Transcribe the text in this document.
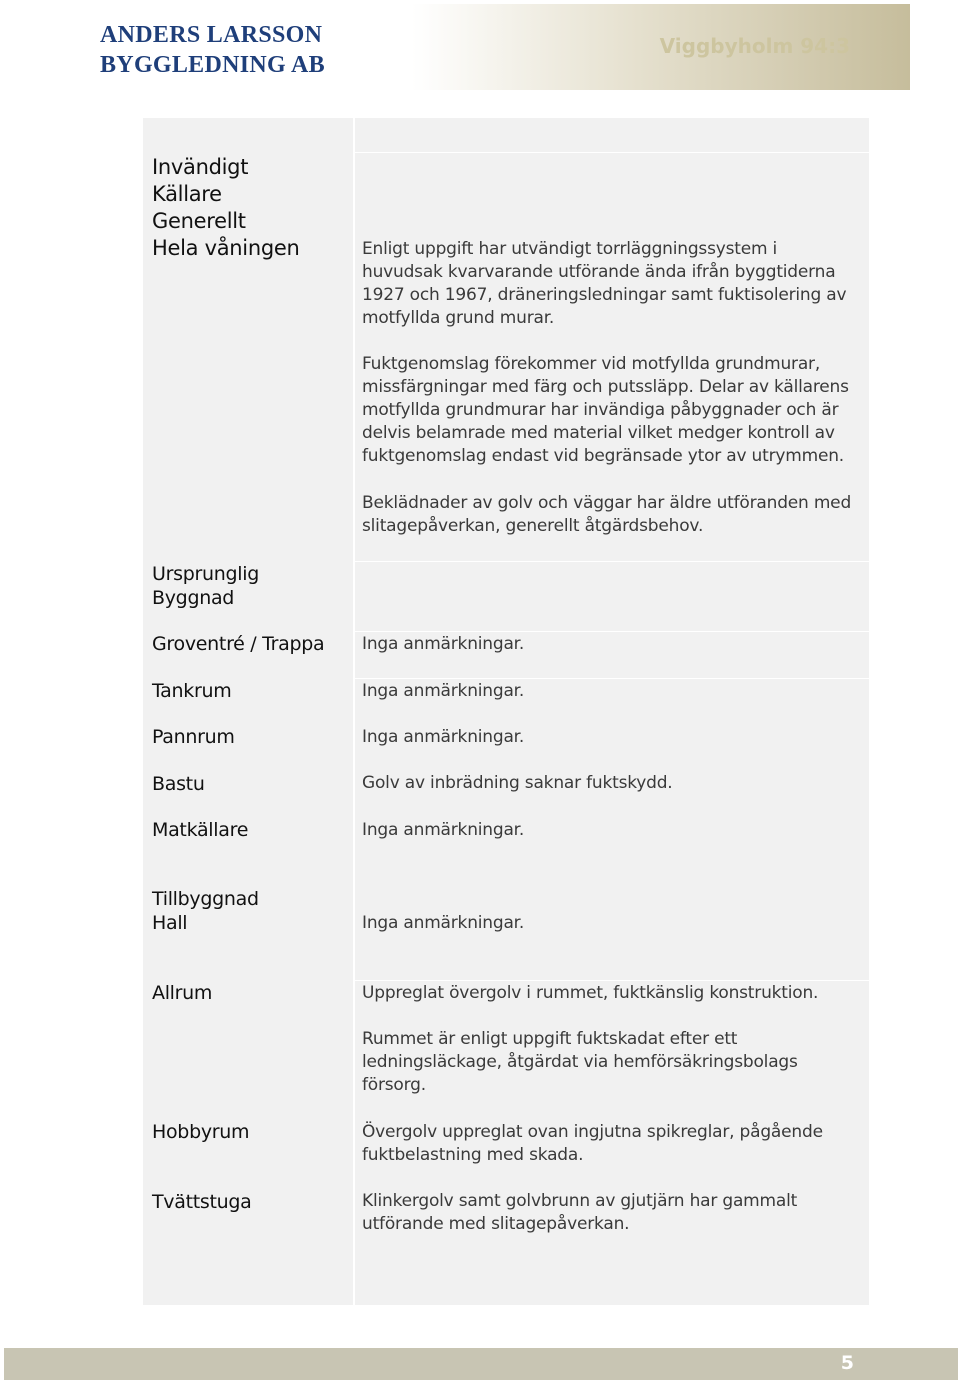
ANDERS LARSSON
BYGGLEDNING AB
Viggbyholm 94:3
Invändigt
Källare
Generellt
Hela våningen	Enligt uppgift har utvändigt torrläggningssystem i huvudsak kvarvarande utförande ända ifrån byggtiderna 1927 och 1967, dräneringsledningar samt fuktisolering av motfyllda grund murar.
Fuktgenomslag förekommer vid motfyllda grundmurar, missfärgningar med färg och putssläpp. Delar av källarens motfyllda grundmurar har invändiga påbyggnader och är delvis belamrade med material vilket medger kontroll av fuktgenomslag endast vid begränsade ytor av utrymmen.
Beklädnader av golv och väggar har äldre utföranden med slitagepåverkan, generellt åtgärdsbehov.
Ursprunglig
Byggnad
Groventré / Trappa Inga anmärkningar.
Tankrum	Inga anmärkningar.
Pannrum	Inga anmärkningar.
Bastu	Golv av inbrädning saknar fuktskydd.
Matkällare	Inga anmärkningar.
Tillbyggnad
Hall	Inga anmärkningar.
Allrum	Uppreglat övergolv i rummet, fuktkänslig konstruktion.
Rummet är enligt uppgift fuktskadat efter ett ledningsläckage, åtgärdat via hemförsäkringsbolags försorg.
Hobbyrum	Övergolv uppreglat ovan ingjutna spikreglar, pågående fuktbelastning med skada.
Tvättstuga	Klinkergolv samt golvbrunn av gjutjärn har gammalt utförande med slitagepåverkan.
5
